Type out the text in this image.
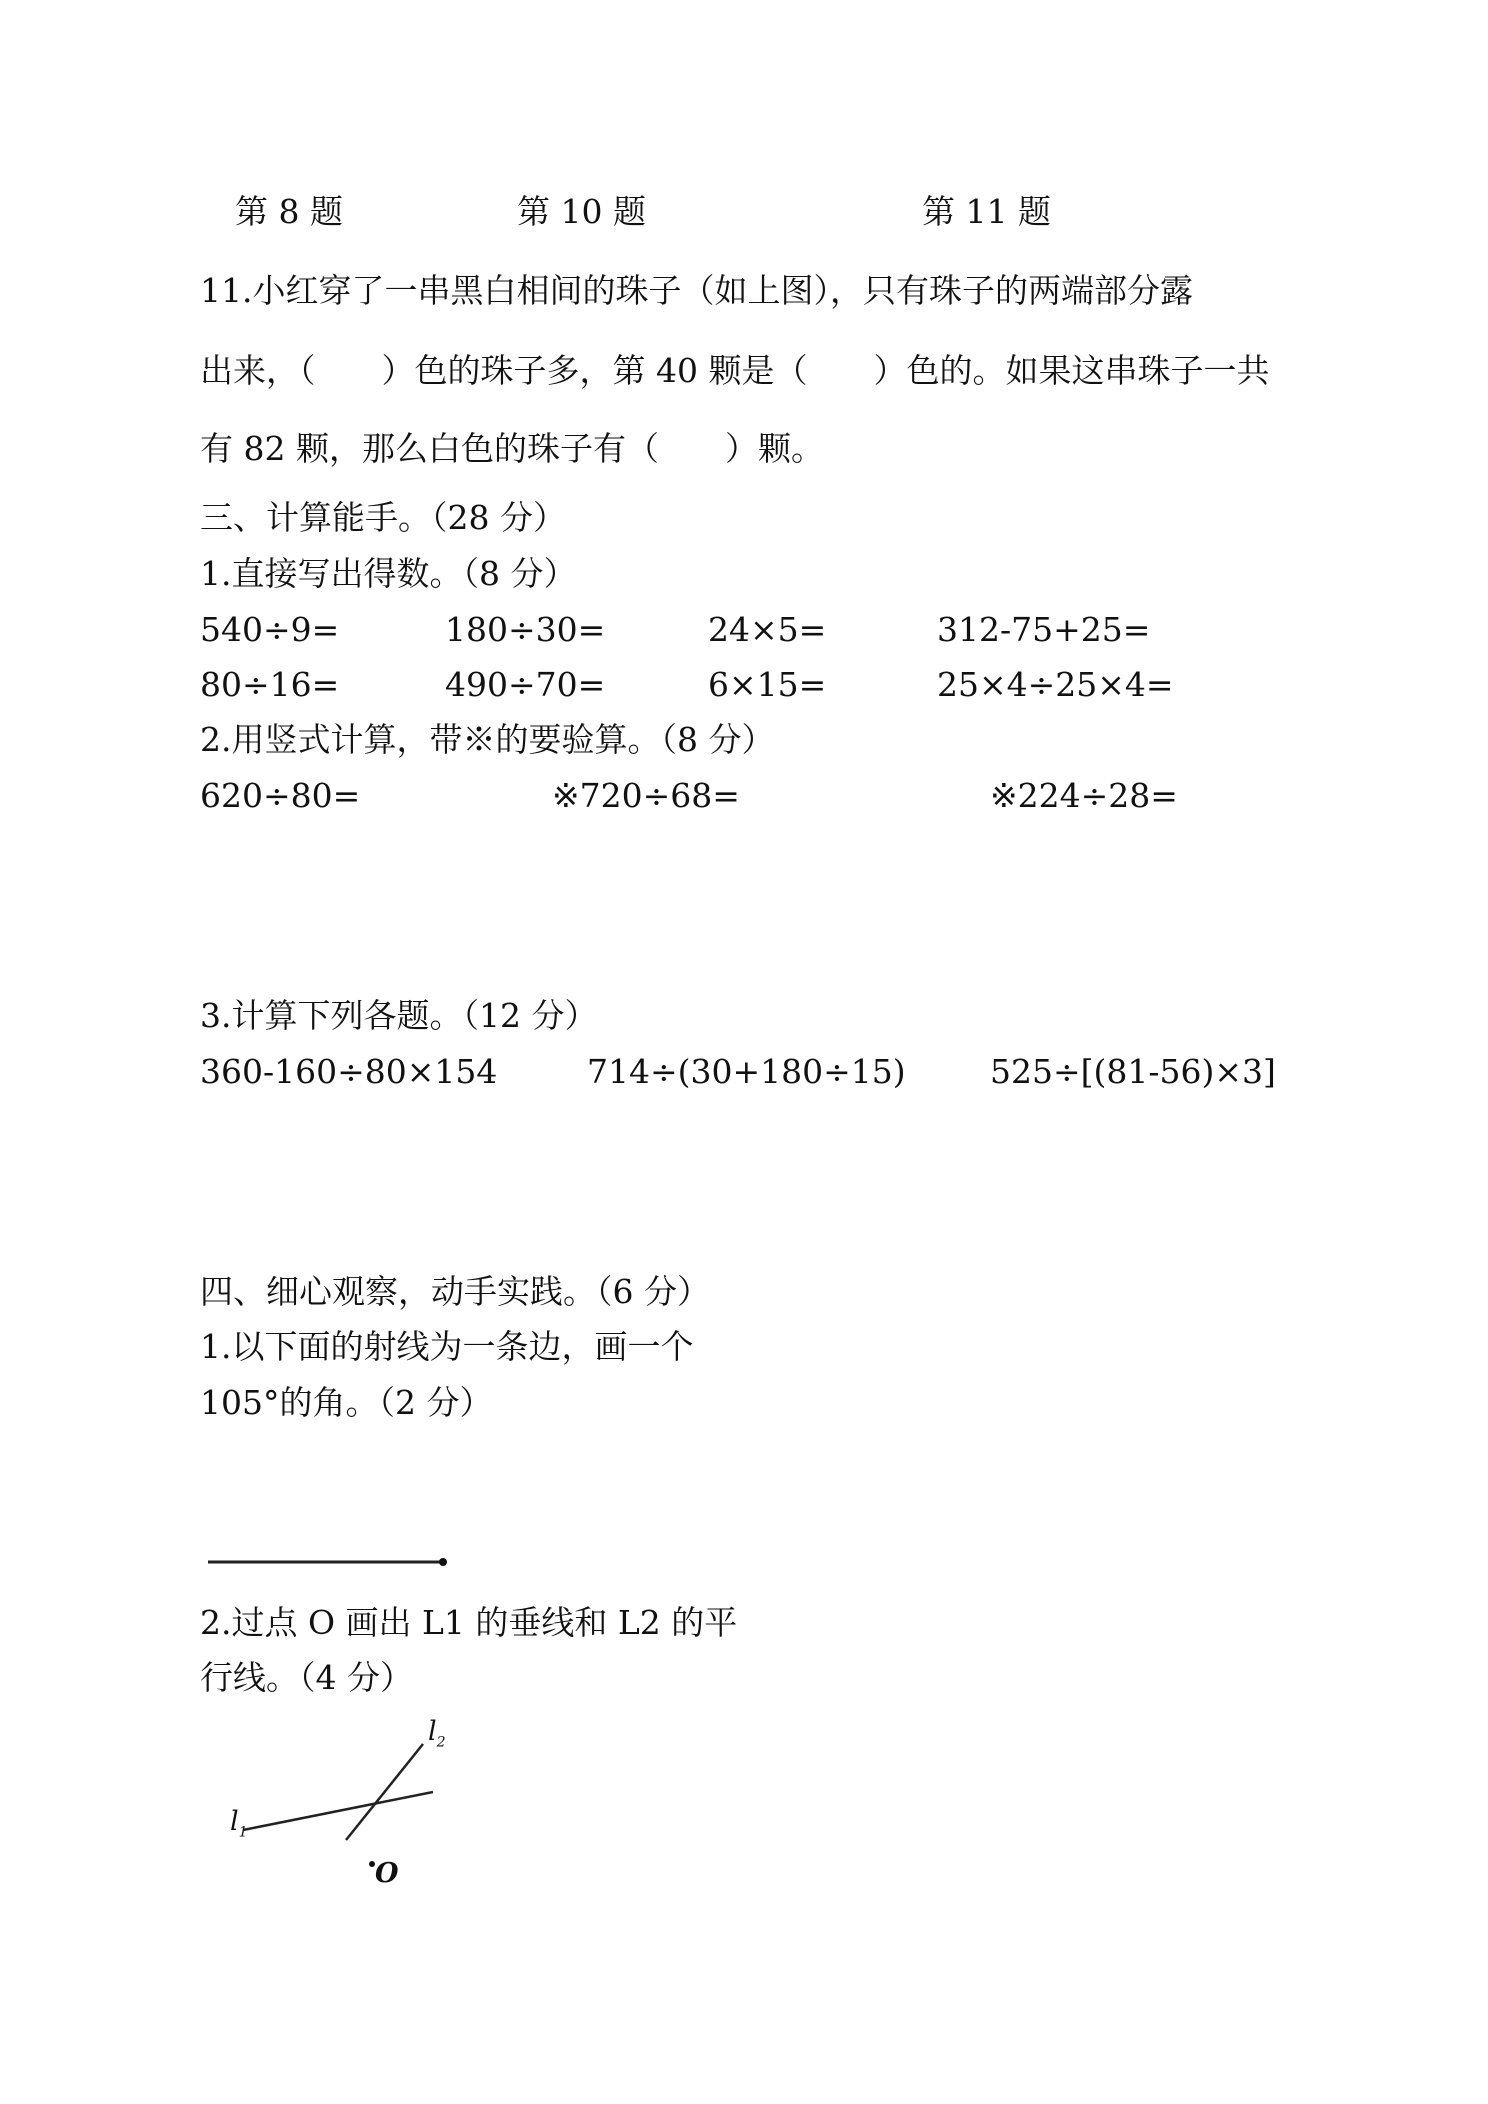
第 8 题	第 10 题	第 11 题
11.小红穿了一串黑白相间的珠子（如上图），只有珠子的两端部分露
出来，（　　）色的珠子多，第 40 颗是（　　）色的。如果这串珠子一共
有 82 颗，那么白色的珠子有（　　）颗。
三、计算能手。（28 分）
1.直接写出得数。（8 分）
540÷9=	180÷30=	24×5=	312-75+25=
80÷16=	490÷70=	6×15=	25×4÷25×4=
2.用竖式计算，带※的要验算。（8 分）
620÷80=	※720÷68=	※224÷28=
3.计算下列各题。（12 分）
360-160÷80×154	714÷(30+180÷15)	525÷[(81-56)×3]
四、细心观察，动手实践。（6 分）
1.以下面的射线为一条边，画一个
105°的角。（2 分）
2.过点 O 画出 L1 的垂线和 L2 的平
行线。（4 分）
$l_1$
$l_2$
O
